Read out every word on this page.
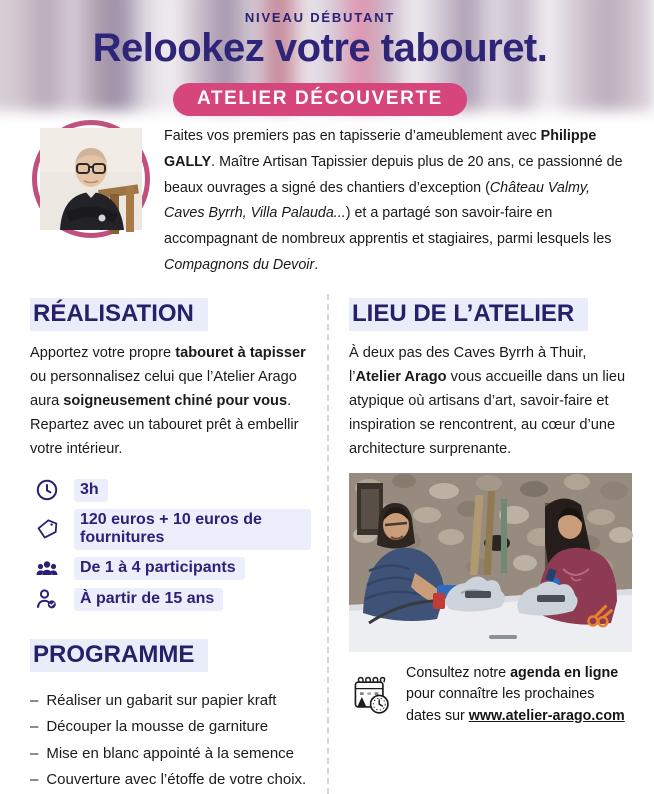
NIVEAU DÉBUTANT
Relookez votre tabouret.
ATELIER DÉCOUVERTE

Faites vos premiers pas en tapisserie d’ameublement avec Philippe GALLY. Maître Artisan Tapissier depuis plus de 20 ans, ce passionné de beaux ouvrages a signé des chantiers d’exception (Château Valmy, Caves Byrrh, Villa Palauda...) et a partagé son savoir-faire en accompagnant de nombreux apprentis et stagiaires, parmi lesquels les Compagnons du Devoir.

RÉALISATION

Apportez votre propre tabouret à tapisser ou personnalisez celui que l’Atelier Arago aura soigneusement chiné pour vous. Repartez avec un tabouret prêt à embellir votre intérieur.

3h
120 euros + 10 euros de fournitures
De 1 à 4 participants
À partir de 15 ans
PROGRAMME
– Réaliser un gabarit sur papier kraft
– Découper la mousse de garniture
– Mise en blanc appointé à la semence
– Couverture avec l’étoffe de votre choix.
LIEU DE L’ATELIER

À deux pas des Caves Byrrh à Thuir, l’Atelier Arago vous accueille dans un lieu atypique où artisans d’art, savoir-faire et inspiration se rencontrent, au cœur d’une architecture surprenante.

Consultez notre agenda en ligne pour connaître les prochaines dates sur www.atelier-arago.com
